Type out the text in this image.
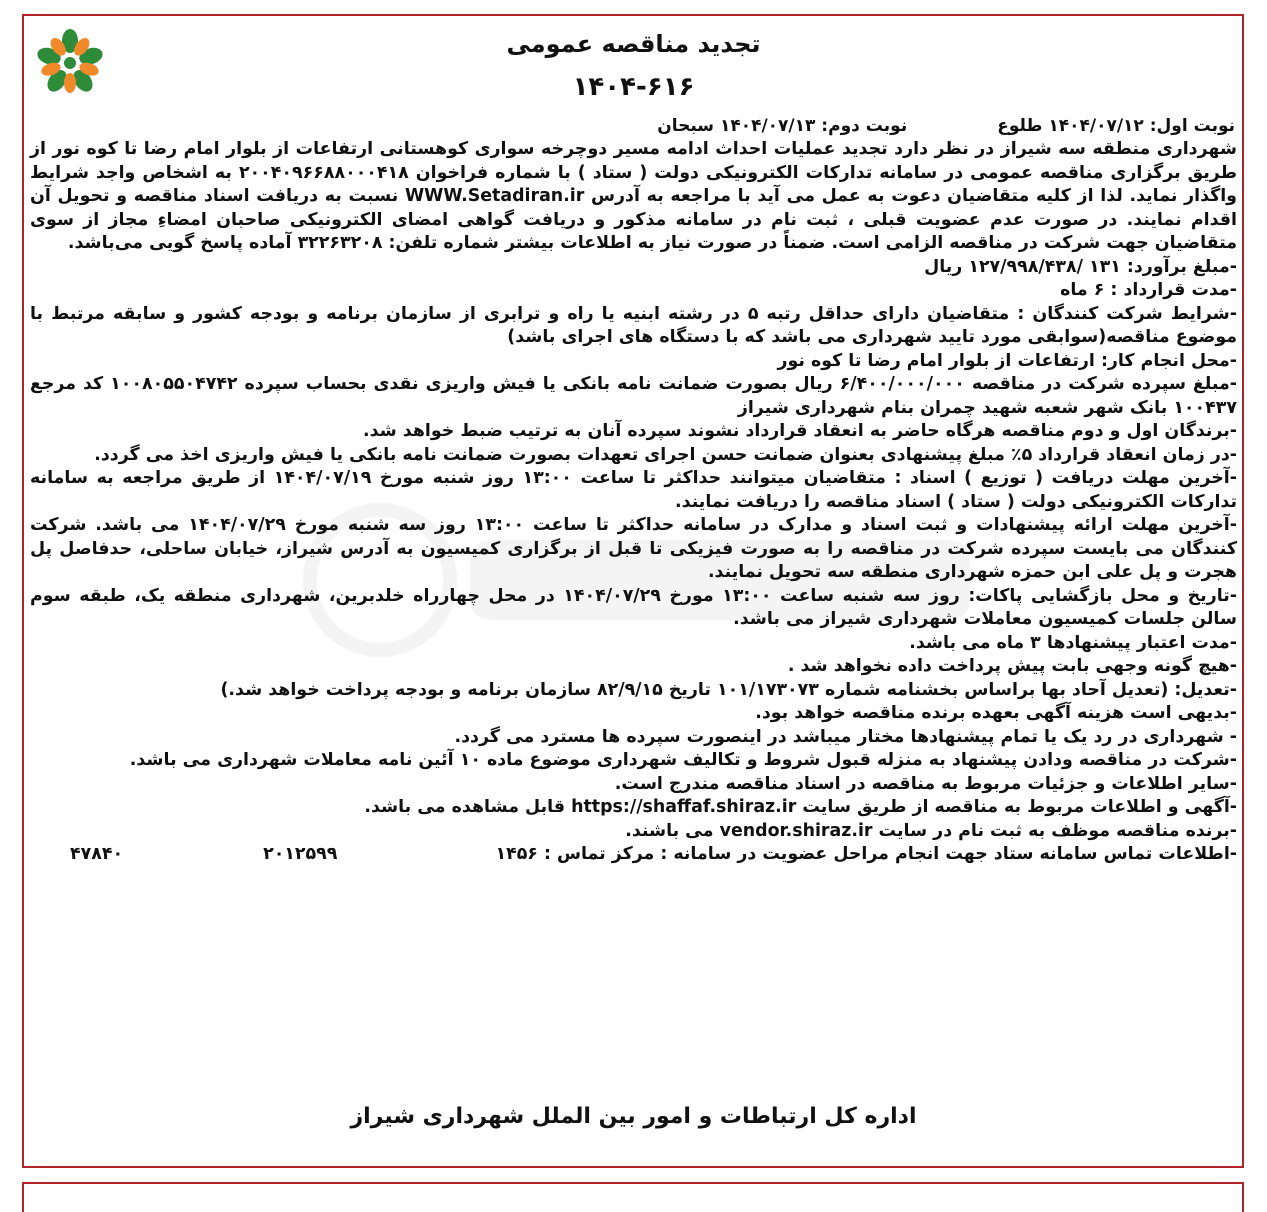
تجدید مناقصه عمومی
۱۴۰۴-۶۱۶
نوبت اول: ۱۴۰۴/۰۷/۱۲ طلوع
نوبت دوم: ۱۴۰۴/۰۷/۱۳ سبحان

شهرداری منطقه سه شیراز در نظر دارد تجدید عملیات احداث ادامه مسیر دوچرخه سواری کوهستانی ارتفاعات از بلوار امام رضا تا کوه نور از طریق برگزاری مناقصه عمومی در سامانه تدارکات الکترونیکی دولت ( ستاد ) با شماره فراخوان ۲۰۰۴۰۹۶۶۸۸۰۰۰۴۱۸ به اشخاص واجد شرایط واگذار نماید. لذا از کلیه متقاضیان دعوت به عمل می آید با مراجعه به آدرس WWW.Setadiran.ir نسبت به دریافت اسناد مناقصه و تحویل آن اقدام نمایند. در صورت عدم عضویت قبلی ، ثبت نام در سامانه مذکور و دریافت گواهی امضای الکترونیکی صاحبان امضاءِ مجاز از سوی متقاضیان جهت شرکت در مناقصه الزامی است. ضمناً در صورت نیاز به اطلاعات بیشتر شماره تلفن: ۳۲۲۶۳۲۰۸ آماده پاسخ گویی می‌باشد.

-مبلغ برآورد: ۱۳۱ /۱۲۷/۹۹۸/۴۳۸ ریال

-مدت قرارداد : ۶ ماه

-شرایط شرکت کنندگان : متقاضیان دارای حداقل رتبه ۵ در رشته ابنیه یا راه و ترابری از سازمان برنامه و بودجه کشور و سابقه مرتبط با موضوع مناقصه(سوابقی مورد تایید شهرداری می باشد که با دستگاه های اجرای باشد)

-محل انجام کار: ارتفاعات از بلوار امام رضا تا کوه نور

-مبلغ سپرده شرکت در مناقصه ۶/۴۰۰/۰۰۰/۰۰۰ ریال بصورت ضمانت نامه بانکی یا فیش واریزی نقدی بحساب سپرده ۱۰۰۸۰۵۵۰۴۷۴۲ کد مرجع ۱۰۰۴۳۷ بانک شهر شعبه شهید چمران بنام شهرداری شیراز

-برندگان اول و دوم مناقصه هرگاه حاضر به انعقاد قرارداد نشوند سپرده آنان به ترتیب ضبط خواهد شد.

-در زمان انعقاد قرارداد ۵٪ مبلغ پیشنهادی بعنوان ضمانت حسن اجرای تعهدات بصورت ضمانت نامه بانکی یا فیش واریزی اخذ می گردد.

-آخرین مهلت دریافت ( توزیع ) اسناد : متقاضیان میتوانند حداکثر تا ساعت ۱۳:۰۰ روز شنبه مورخ ۱۴۰۴/۰۷/۱۹ از طریق مراجعه به سامانه تدارکات الکترونیکی دولت ( ستاد ) اسناد مناقصه را دریافت نمایند.

-آخرین مهلت ارائه پیشنهادات و ثبت اسناد و مدارک در سامانه حداکثر تا ساعت ۱۳:۰۰ روز سه شنبه مورخ ۱۴۰۴/۰۷/۲۹ می باشد. شرکت کنندگان می بایست سپرده شرکت در مناقصه را به صورت فیزیکی تا قبل از برگزاری کمیسیون به آدرس شیراز، خیابان ساحلی، حدفاصل پل هجرت و پل علی ابن حمزه شهرداری منطقه سه تحویل نمایند.

-تاریخ و محل بازگشایی پاکات: روز سه شنبه ساعت ۱۳:۰۰ مورخ ۱۴۰۴/۰۷/۲۹ در محل چهارراه خلدبرین، شهرداری منطقه یک، طبقه سوم سالن جلسات کمیسیون معاملات شهرداری شیراز می باشد.

-مدت اعتبار پیشنهادها ۳ ماه می باشد.

-هیچ گونه وجهی بابت پیش پرداخت داده نخواهد شد .

-تعدیل: (تعدیل آحاد بها براساس بخشنامه شماره ۱۰۱/۱۷۳۰۷۳ تاریخ ۸۲/۹/۱۵ سازمان برنامه و بودجه پرداخت خواهد شد.)

-بدیهی است هزینه آگهی بعهده برنده مناقصه خواهد بود.

- شهرداری در رد یک یا تمام پیشنهادها مختار میباشد در اینصورت سپرده ها مسترد می گردد.

-شرکت در مناقصه ودادن پیشنهاد به منزله قبول شروط و تکالیف شهرداری موضوع ماده ۱۰ آئین نامه معاملات شهرداری می باشد.

-سایر اطلاعات و جزئیات مربوط به مناقصه در اسناد مناقصه مندرج است.

-آگهی و اطلاعات مربوط به مناقصه از طریق سایت https://shaffaf.shiraz.ir قابل مشاهده می باشد.

-برنده مناقصه موظف به ثبت نام در سایت vendor.shiraz.ir می باشند.

-اطلاعات تماس سامانه ستاد جهت انجام مراحل عضویت در سامانه : مرکز تماس : ۱۴۵۶
۴۷۸۴۰	۲۰۱۲۵۹۹
اداره کل ارتباطات و امور بین الملل شهرداری شیراز
